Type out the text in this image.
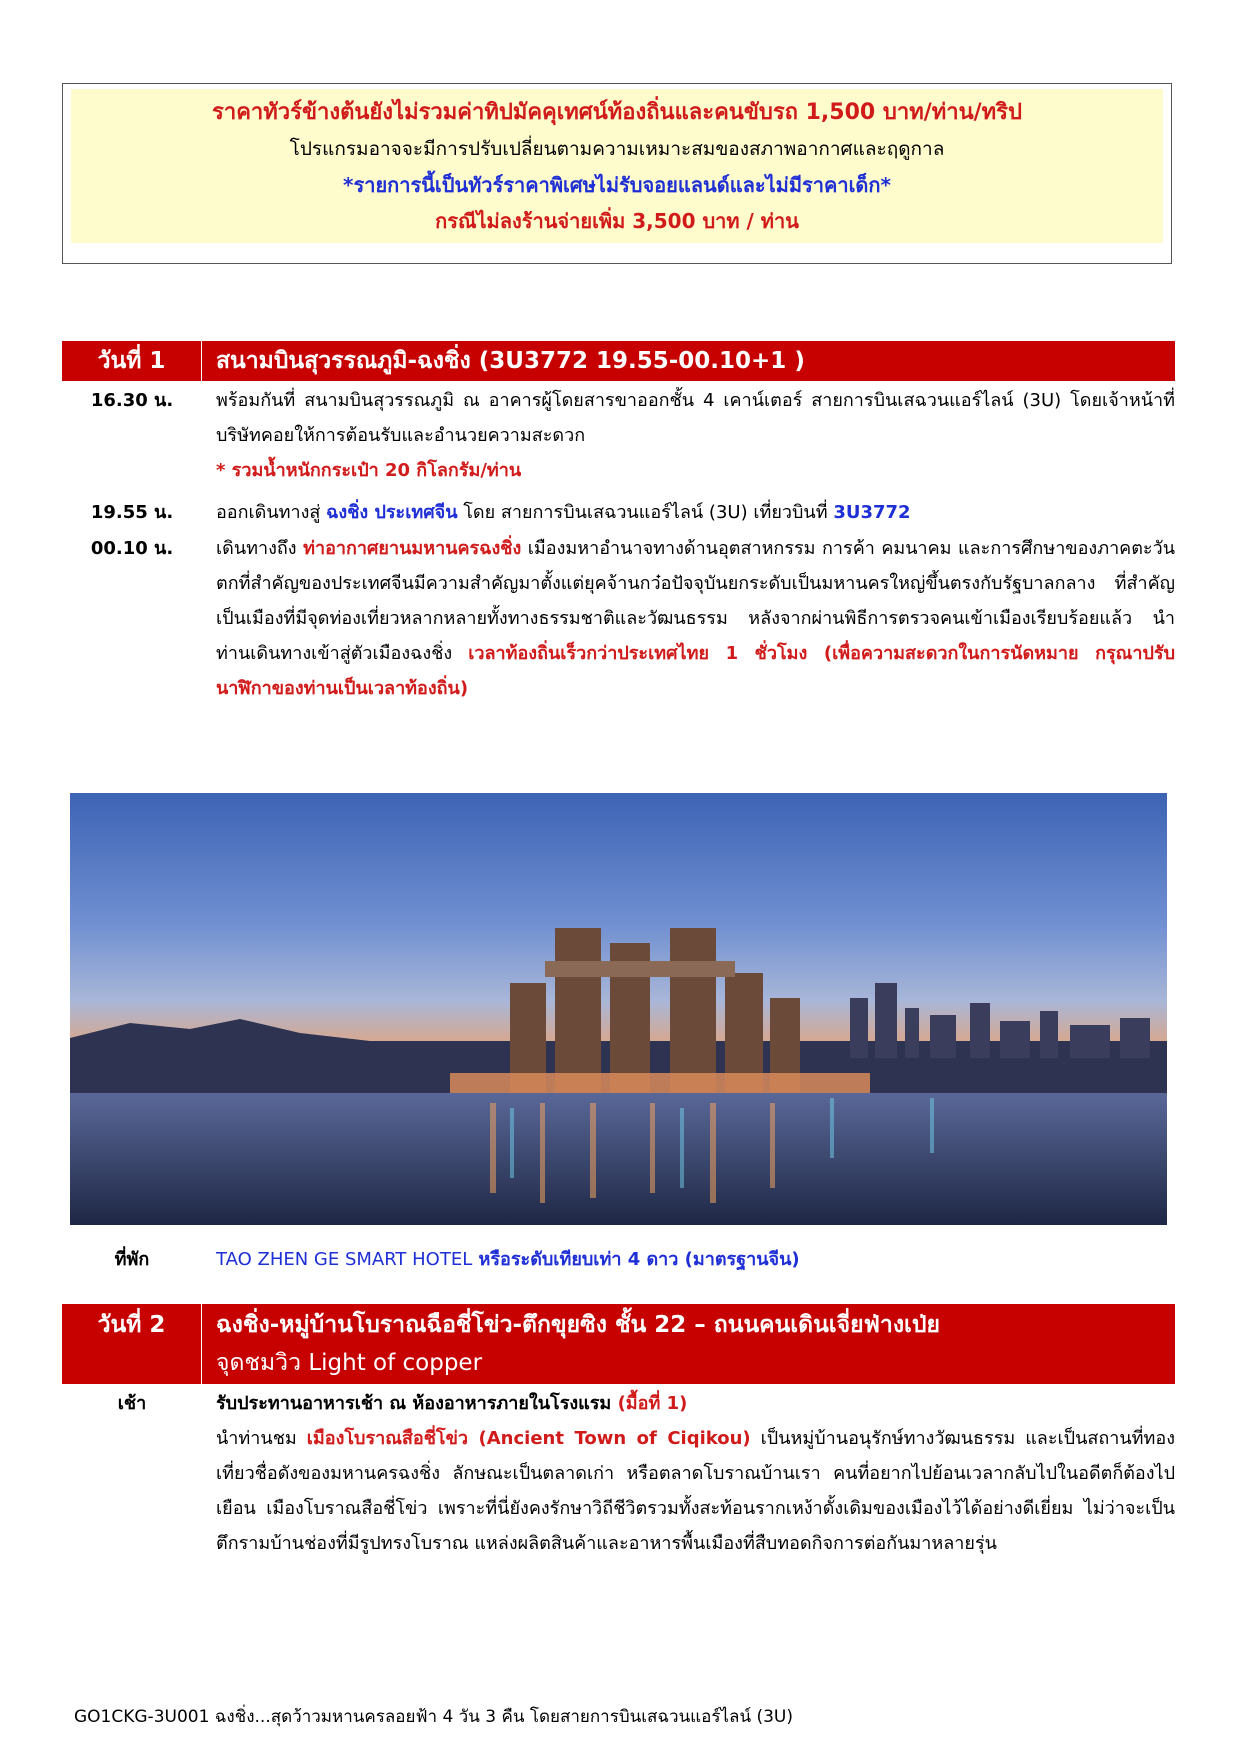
ราคาทัวร์ข้างต้นยังไม่รวมค่าทิปมัคคุเทศน์ท้องถิ่นและคนขับรถ 1,500 บาท/ท่าน/ทริป
โปรแกรมอาจจะมีการปรับเปลี่ยนตามความเหมาะสมของสภาพอากาศและฤดูกาล
*รายการนี้เป็นทัวร์ราคาพิเศษไม่รับจอยแลนด์และไม่มีราคาเด็ก*
กรณีไม่ลงร้านจ่ายเพิ่ม 3,500 บาท / ท่าน
วันที่ 1	สนามบินสุวรรณภูมิ-ฉงชิ่ง (3U3772 19.55-00.10+1 )
16.30 น.	พร้อมกันที่ สนามบินสุวรรณภูมิ ณ อาคารผู้โดยสารขาออกชั้น 4 เคาน์เตอร์ สายการบินเสฉวนแอร์ไลน์ (3U) โดยเจ้าหน้าที่บริษัทคอยให้การต้อนรับและอำนวยความสะดวก
* รวมน้ำหนักกระเป๋า 20 กิโลกรัม/ท่าน
19.55 น.	ออกเดินทางสู่ ฉงชิ่ง ประเทศจีน โดย สายการบินเสฉวนแอร์ไลน์ (3U) เที่ยวบินที่ 3U3772
00.10 น.	เดินทางถึง ท่าอากาศยานมหานครฉงชิ่ง เมืองมหาอำนาจทางด้านอุตสาหกรรม การค้า คมนาคม และการศึกษาของภาคตะวันตกที่สำคัญของประเทศจีนมีความสำคัญมาตั้งแต่ยุคจ้านกว๋อปัจจุบันยกระดับเป็นมหานครใหญ่ขึ้นตรงกับรัฐบาลกลาง ที่สำคัญเป็นเมืองที่มีจุดท่องเที่ยวหลากหลายทั้งทางธรรมชาติและวัฒนธรรม หลังจากผ่านพิธีการตรวจคนเข้าเมืองเรียบร้อยแล้ว นำท่านเดินทางเข้าสู่ตัวเมืองฉงชิ่ง เวลาท้องถิ่นเร็วกว่าประเทศไทย 1 ชั่วโมง (เพื่อความสะดวกในการนัดหมาย กรุณาปรับนาฬิกาของท่านเป็นเวลาท้องถิ่น)
ที่พัก	TAO ZHEN GE SMART HOTEL หรือระดับเทียบเท่า 4 ดาว (มาตรฐานจีน)
วันที่ 2	ฉงชิ่ง-หมู่บ้านโบราณฉือชี่โข่ว-ตึกขุยซิง ชั้น 22 – ถนนคนเดินเจี่ยฟ่างเป่ย
จุดชมวิว Light of copper
เช้า	รับประทานอาหารเช้า ณ ห้องอาหารภายในโรงแรม (มื้อที่ 1)
นำท่านชม เมืองโบราณสือชี่โข่ว (Ancient Town of Ciqikou) เป็นหมู่บ้านอนุรักษ์ทางวัฒนธรรม และเป็นสถานที่ทองเที่ยวชื่อดังของมหานครฉงชิ่ง ลักษณะเป็นตลาดเก่า หรือตลาดโบราณบ้านเรา คนที่อยากไปย้อนเวลากลับไปในอดีตก็ต้องไปเยือน เมืองโบราณสือชี่โข่ว เพราะที่นี่ยังคงรักษาวิถีชีวิตรวมทั้งสะท้อนรากเหง้าดั้งเดิมของเมืองไว้ได้อย่างดีเยี่ยม ไม่ว่าจะเป็นตึกรามบ้านช่องที่มีรูปทรงโบราณ แหล่งผลิตสินค้าและอาหารพื้นเมืองที่สืบทอดกิจการต่อกันมาหลายรุ่น
GO1CKG-3U001 ฉงชิ่ง...สุดว้าวมหานครลอยฟ้า 4 วัน 3 คืน โดยสายการบินเสฉวนแอร์ไลน์ (3U)
